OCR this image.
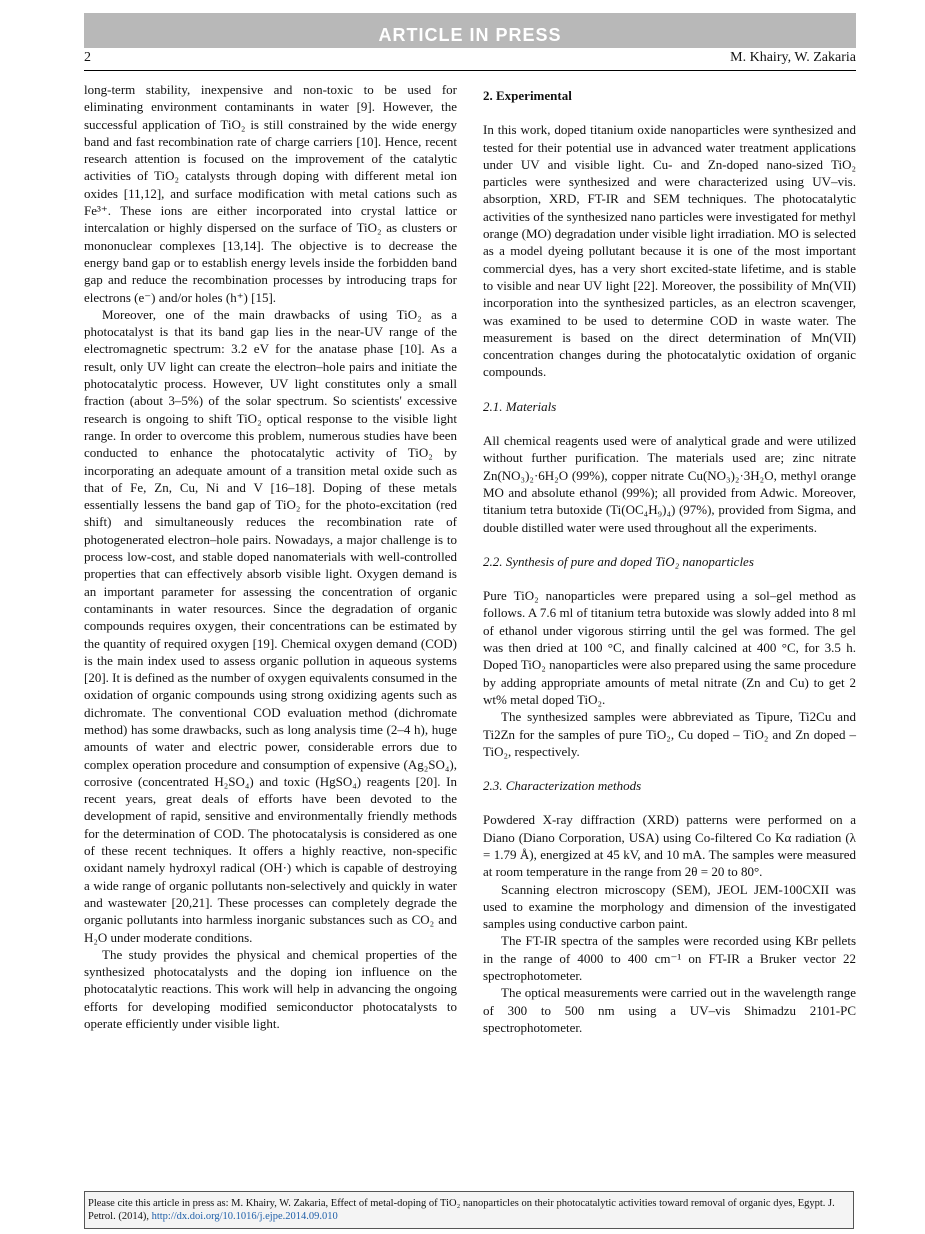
ARTICLE IN PRESS
2	M. Khairy, W. Zakaria

long-term stability, inexpensive and non-toxic to be used for eliminating environment contaminants in water [9]. However, the successful application of TiO₂ is still constrained by the wide energy band and fast recombination rate of charge carriers [10]. Hence, recent research attention is focused on the improvement of the catalytic activities of TiO₂ catalysts through doping with different metal ion oxides [11,12], and surface modification with metal cations such as Fe³⁺. These ions are either incorporated into crystal lattice or intercalation or highly dispersed on the surface of TiO₂ as clusters or mononuclear complexes [13,14]. The objective is to decrease the energy band gap or to establish energy levels inside the forbidden band gap and reduce the recombination processes by introducing traps for electrons (e⁻) and/or holes (h⁺) [15].

Moreover, one of the main drawbacks of using TiO₂ as a photocatalyst is that its band gap lies in the near-UV range of the electromagnetic spectrum: 3.2 eV for the anatase phase [10]. As a result, only UV light can create the electron–hole pairs and initiate the photocatalytic process. However, UV light constitutes only a small fraction (about 3–5%) of the solar spectrum. So scientists' excessive research is ongoing to shift TiO₂ optical response to the visible light range. In order to overcome this problem, numerous studies have been conducted to enhance the photocatalytic activity of TiO₂ by incorporating an adequate amount of a transition metal oxide such as that of Fe, Zn, Cu, Ni and V [16–18]. Doping of these metals essentially lessens the band gap of TiO₂ for the photo-excitation (red shift) and simultaneously reduces the recombination rate of photogenerated electron–hole pairs. Nowadays, a major challenge is to process low-cost, and stable doped nanomaterials with well-controlled properties that can effectively absorb visible light. Oxygen demand is an important parameter for assessing the concentration of organic contaminants in water resources. Since the degradation of organic compounds requires oxygen, their concentrations can be estimated by the quantity of required oxygen [19]. Chemical oxygen demand (COD) is the main index used to assess organic pollution in aqueous systems [20]. It is defined as the number of oxygen equivalents consumed in the oxidation of organic compounds using strong oxidizing agents such as dichromate. The conventional COD evaluation method (dichromate method) has some drawbacks, such as long analysis time (2–4 h), huge amounts of water and electric power, considerable errors due to complex operation procedure and consumption of expensive (Ag₂SO₄), corrosive (concentrated H₂SO₄) and toxic (HgSO₄) reagents [20]. In recent years, great deals of efforts have been devoted to the development of rapid, sensitive and environmentally friendly methods for the determination of COD. The photocatalysis is considered as one of these recent techniques. It offers a highly reactive, non-specific oxidant namely hydroxyl radical (OH·) which is capable of destroying a wide range of organic pollutants non-selectively and quickly in water and wastewater [20,21]. These processes can completely degrade the organic pollutants into harmless inorganic substances such as CO₂ and H₂O under moderate conditions.

The study provides the physical and chemical properties of the synthesized photocatalysts and the doping ion influence on the photocatalytic reactions. This work will help in advancing the ongoing efforts for developing modified semiconductor photocatalysts to operate efficiently under visible light.

2. Experimental

In this work, doped titanium oxide nanoparticles were synthesized and tested for their potential use in advanced water treatment applications under UV and visible light. Cu- and Zn-doped nano-sized TiO₂ particles were synthesized and were characterized using UV–vis. absorption, XRD, FT-IR and SEM techniques. The photocatalytic activities of the synthesized nano particles were investigated for methyl orange (MO) degradation under visible light irradiation. MO is selected as a model dyeing pollutant because it is one of the most important commercial dyes, has a very short excited-state lifetime, and is stable to visible and near UV light [22]. Moreover, the possibility of Mn(VII) incorporation into the synthesized particles, as an electron scavenger, was examined to be used to determine COD in waste water. The measurement is based on the direct determination of Mn(VII) concentration changes during the photocatalytic oxidation of organic compounds.

2.1. Materials

All chemical reagents used were of analytical grade and were utilized without further purification. The materials used are; zinc nitrate Zn(NO₃)₂·6H₂O (99%), copper nitrate Cu(NO₃)₂·3H₂O, methyl orange MO and absolute ethanol (99%); all provided from Adwic. Moreover, titanium tetra butoxide (Ti(OC₄H₉)₄) (97%), provided from Sigma, and double distilled water were used throughout all the experiments.

2.2. Synthesis of pure and doped TiO₂ nanoparticles

Pure TiO₂ nanoparticles were prepared using a sol–gel method as follows. A 7.6 ml of titanium tetra butoxide was slowly added into 8 ml of ethanol under vigorous stirring until the gel was formed. The gel was then dried at 100 °C, and finally calcined at 400 °C, for 3.5 h. Doped TiO₂ nanoparticles were also prepared using the same procedure by adding appropriate amounts of metal nitrate (Zn and Cu) to get 2 wt% metal doped TiO₂.

The synthesized samples were abbreviated as Tipure, Ti2Cu and Ti2Zn for the samples of pure TiO₂, Cu doped – TiO₂ and Zn doped – TiO₂, respectively.

2.3. Characterization methods

Powdered X-ray diffraction (XRD) patterns were performed on a Diano (Diano Corporation, USA) using Co-filtered Co Kα radiation (λ = 1.79 Å), energized at 45 kV, and 10 mA. The samples were measured at room temperature in the range from 2θ = 20 to 80°.

Scanning electron microscopy (SEM), JEOL JEM-100CXII was used to examine the morphology and dimension of the investigated samples using conductive carbon paint.

The FT-IR spectra of the samples were recorded using KBr pellets in the range of 4000 to 400 cm⁻¹ on FT-IR a Bruker vector 22 spectrophotometer.

The optical measurements were carried out in the wavelength range of 300 to 500 nm using a UV–vis Shimadzu 2101-PC spectrophotometer.

Please cite this article in press as: M. Khairy, W. Zakaria, Effect of metal-doping of TiO₂ nanoparticles on their photocatalytic activities toward removal of organic dyes, Egypt. J. Petrol. (2014), http://dx.doi.org/10.1016/j.ejpe.2014.09.010
